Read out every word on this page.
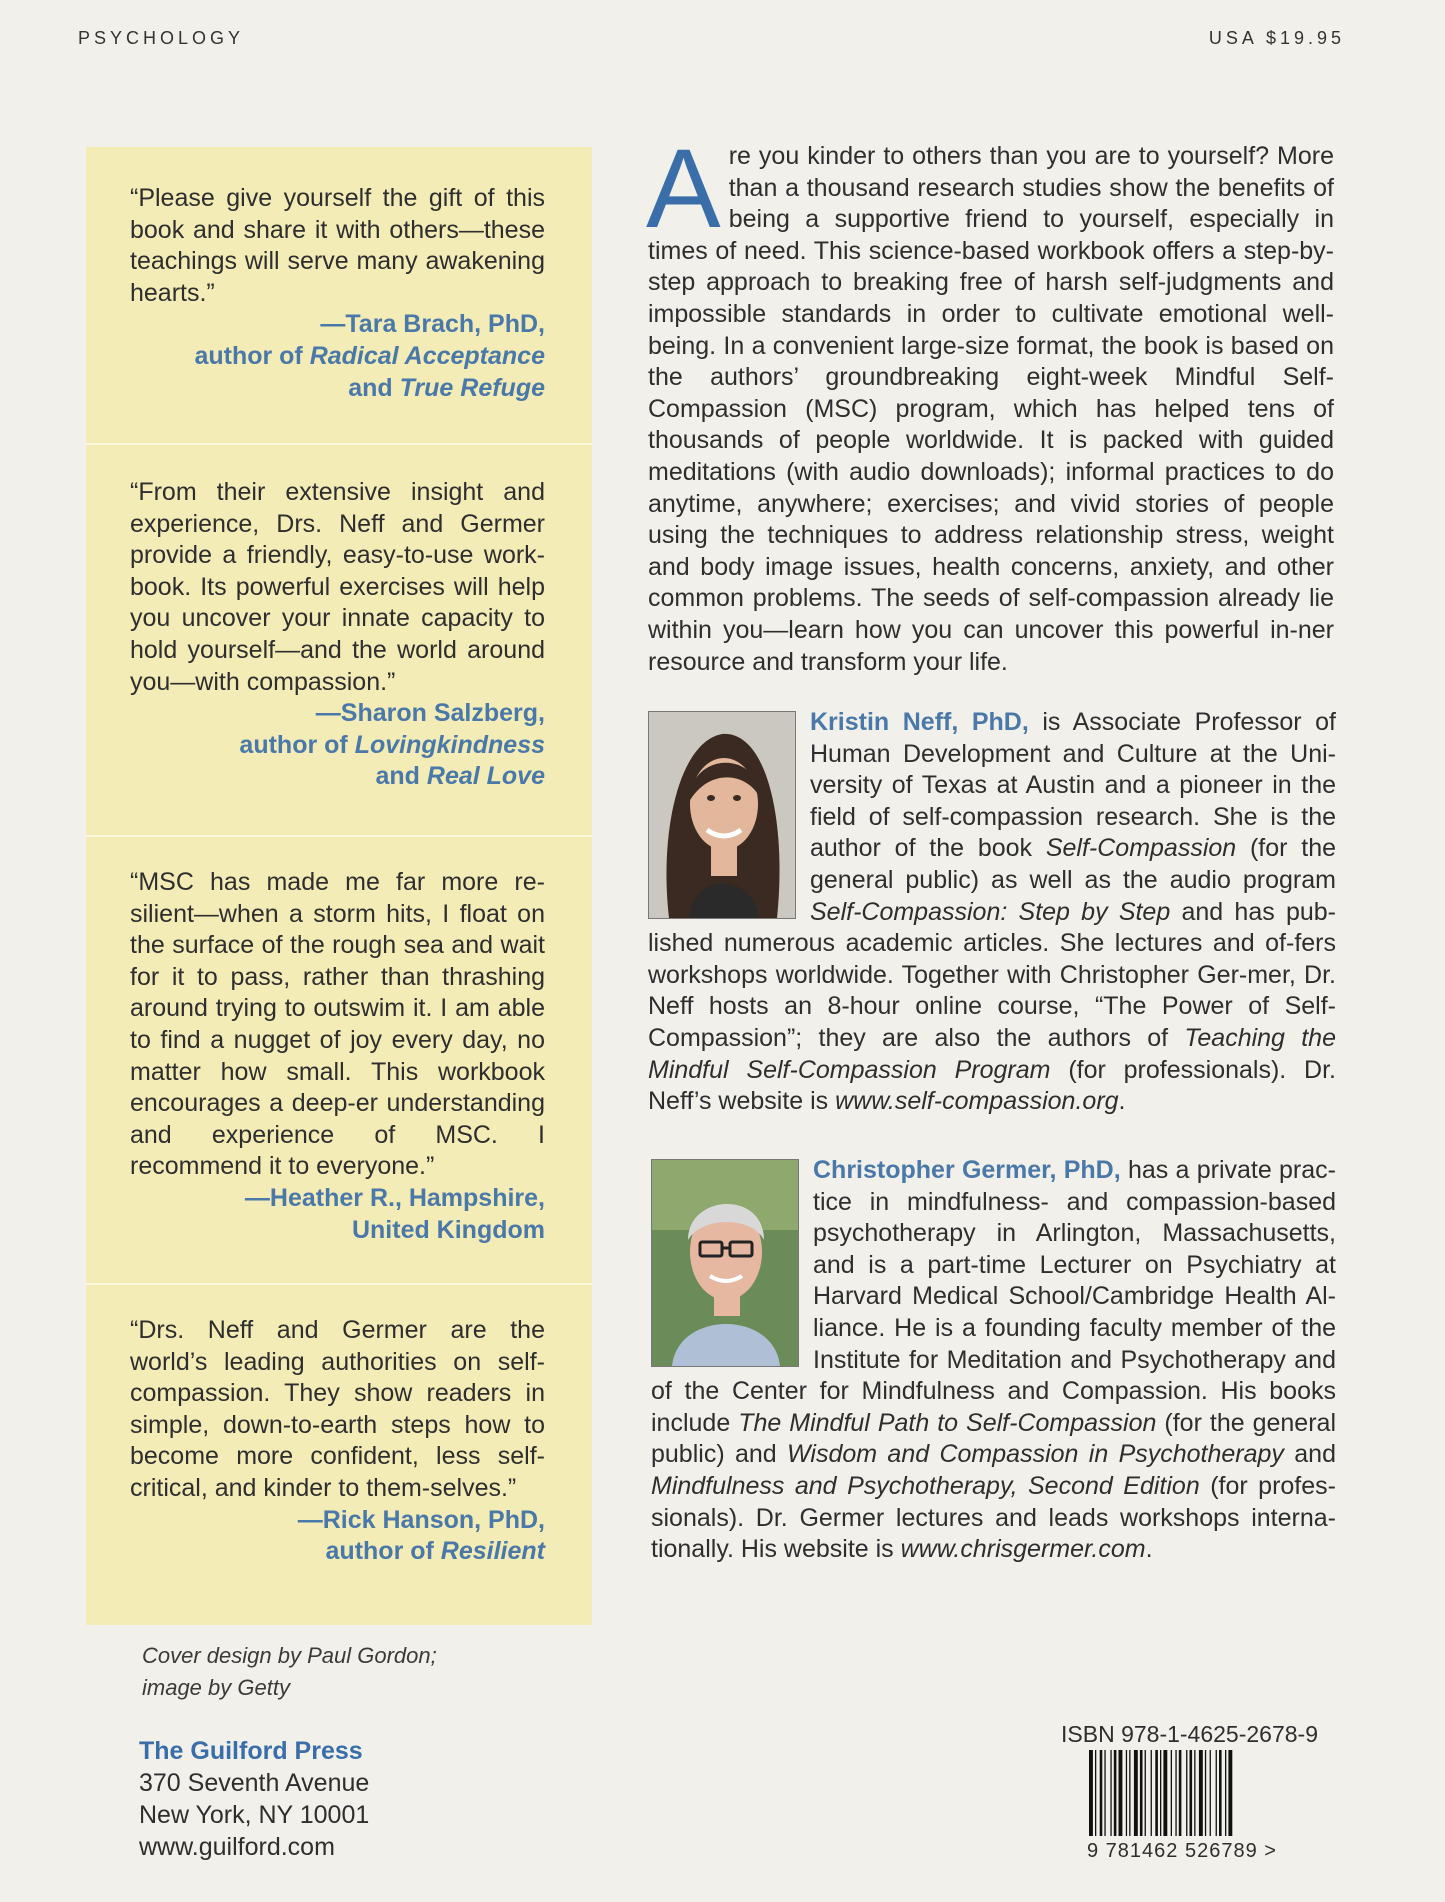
PSYCHOLOGY	USA $19.95

“Please give yourself the gift of this book and share it with others—these teachings will serve many awakening hearts.”

—Tara Brach, PhD,
author of Radical Acceptance
and True Refuge

“From their extensive insight and experience, Drs. Neff and Germer provide a friendly, easy-to-use work-book. Its powerful exercises will help you uncover your innate capacity to hold yourself—and the world around you—with compassion.”

—Sharon Salzberg,
author of Lovingkindness
and Real Love

“MSC has made me far more re-silient—when a storm hits, I float on the surface of the rough sea and wait for it to pass, rather than thrashing around trying to outswim it. I am able to find a nugget of joy every day, no matter how small. This workbook encourages a deep-er understanding and experience of MSC. I recommend it to everyone.”

—Heather R., Hampshire,
United Kingdom

“Drs. Neff and Germer are the world’s leading authorities on self-compassion. They show readers in simple, down-to-earth steps how to become more confident, less self-critical, and kinder to them-selves.”

—Rick Hanson, PhD,
author of Resilient

Are you kinder to others than you are to yourself? More than a thousand research studies show the benefits of being a supportive friend to yourself, especially in times of need. This science-based workbook offers a step-by-step approach to breaking free of harsh self-judgments and impossible standards in order to cultivate emotional well-being. In a convenient large-size format, the book is based on the authors’ groundbreaking eight-week Mindful Self-Compassion (MSC) program, which has helped tens of thousands of people worldwide. It is packed with guided meditations (with audio downloads); informal practices to do anytime, anywhere; exercises; and vivid stories of people using the techniques to address relationship stress, weight and body image issues, health concerns, anxiety, and other common problems. The seeds of self-compassion already lie within you—learn how you can uncover this powerful in-ner resource and transform your life.

Kristin Neff, PhD, is Associate Professor of Human Development and Culture at the Uni-versity of Texas at Austin and a pioneer in the field of self-compassion research. She is the author of the book Self-Compassion (for the general public) as well as the audio program Self-Compassion: Step by Step and has pub-lished numerous academic articles. She lectures and of-fers workshops worldwide. Together with Christopher Ger-mer, Dr. Neff hosts an 8-hour online course, “The Power of Self-Compassion”; they are also the authors of Teaching the Mindful Self-Compassion Program (for professionals). Dr. Neff’s website is www.self-compassion.org.

Christopher Germer, PhD, has a private prac-tice in mindfulness- and compassion-based psychotherapy in Arlington, Massachusetts, and is a part-time Lecturer on Psychiatry at Harvard Medical School/Cambridge Health Al-liance. He is a founding faculty member of the Institute for Meditation and Psychotherapy and of the Center for Mindfulness and Compassion. His books include The Mindful Path to Self-Compassion (for the general public) and Wisdom and Compassion in Psychotherapy and Mindfulness and Psychotherapy, Second Edition (for profes-sionals). Dr. Germer lectures and leads workshops interna-tionally. His website is www.chrisgermer.com.

Cover design by Paul Gordon;
image by Getty
The Guilford Press
370 Seventh Avenue
New York, NY 10001
www.guilford.com
ISBN 978-1-4625-2678-9
9 781462 526789 >
